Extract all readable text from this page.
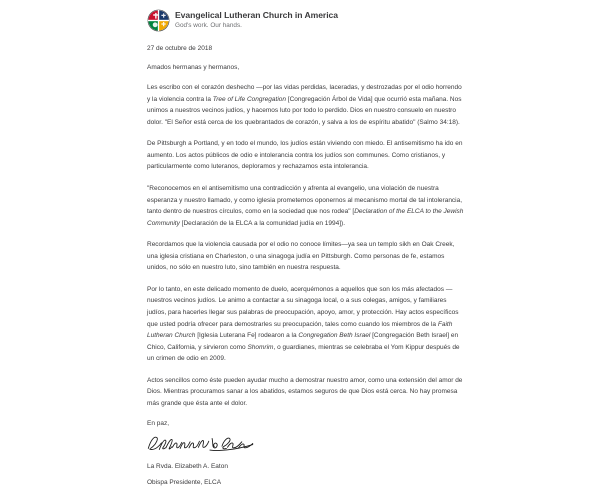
Evangelical Lutheran Church in America
God's work. Our hands.
27 de octubre de 2018
Amados hermanas y hermanos,

Les escribo con el corazón deshecho —por las vidas perdidas, laceradas, y destrozadas por el odio horrendo y la violencia contra la Tree of Life Congregation [Congregación Árbol de Vida] que ocurrió esta mañana. Nos unimos a nuestros vecinos judíos, y hacemos luto por todo lo perdido. Dios en nuestro consuelo en nuestro dolor. "El Señor está cerca de los quebrantados de corazón, y salva a los de espíritu abatido" (Salmo 34:18).

De Pittsburgh a Portland, y en todo el mundo, los judíos están viviendo con miedo. El antisemitismo ha ido en aumento. Los actos públicos de odio e intolerancia contra los judíos son communes. Como cristianos, y particularmente como luteranos, deploramos y rechazamos esta intolerancia.

"Reconocemos en el antisemitismo una contradicción y afrenta al evangelio, una violación de nuestra esperanza y nuestro llamado, y como iglesia prometemos oponernos al mecanismo mortal de tal intolerancia, tanto dentro de nuestros círculos, como en la sociedad que nos rodea" [Declaration of the ELCA to the Jewish Community [Declaración de la ELCA a la comunidad judía en 1994]).

Recordamos que la violencia causada por el odio no conoce límites—ya sea un templo sikh en Oak Creek, una iglesia cristiana en Charleston, o una sinagoga judía en Pittsburgh. Como personas de fe, estamos unidos, no sólo en nuestro luto, sino también en nuestra respuesta.

Por lo tanto, en este delicado momento de duelo, acerquémonos a aquellos que son los más afectados —nuestros vecinos judíos. Le animo a contactar a su sinagoga local, o a sus colegas, amigos, y familiares judíos, para hacerles llegar sus palabras de preocupación, apoyo, amor, y protección. Hay actos específicos que usted podría ofrecer para demostrarles su preocupación, tales como cuando los miembros de la Faith Lutheran Church [Iglesia Luterana Fe] rodearon a la Congregation Beth Israel [Congregación Beth Israel] en Chico, California, y sirvieron como Shomrim, o guardianes, mientras se celebraba el Yom Kippur después de un crimen de odio en 2009.

Actos sencillos como éste pueden ayudar mucho a demostrar nuestro amor, como una extensión del amor de Dios. Mientras procuramos sanar a los abatidos, estamos seguros de que Dios está cerca. No hay promesa más grande que ésta ante el dolor.

En paz,
La Rvda. Elizabeth A. Eaton
Obispa Presidente, ELCA
